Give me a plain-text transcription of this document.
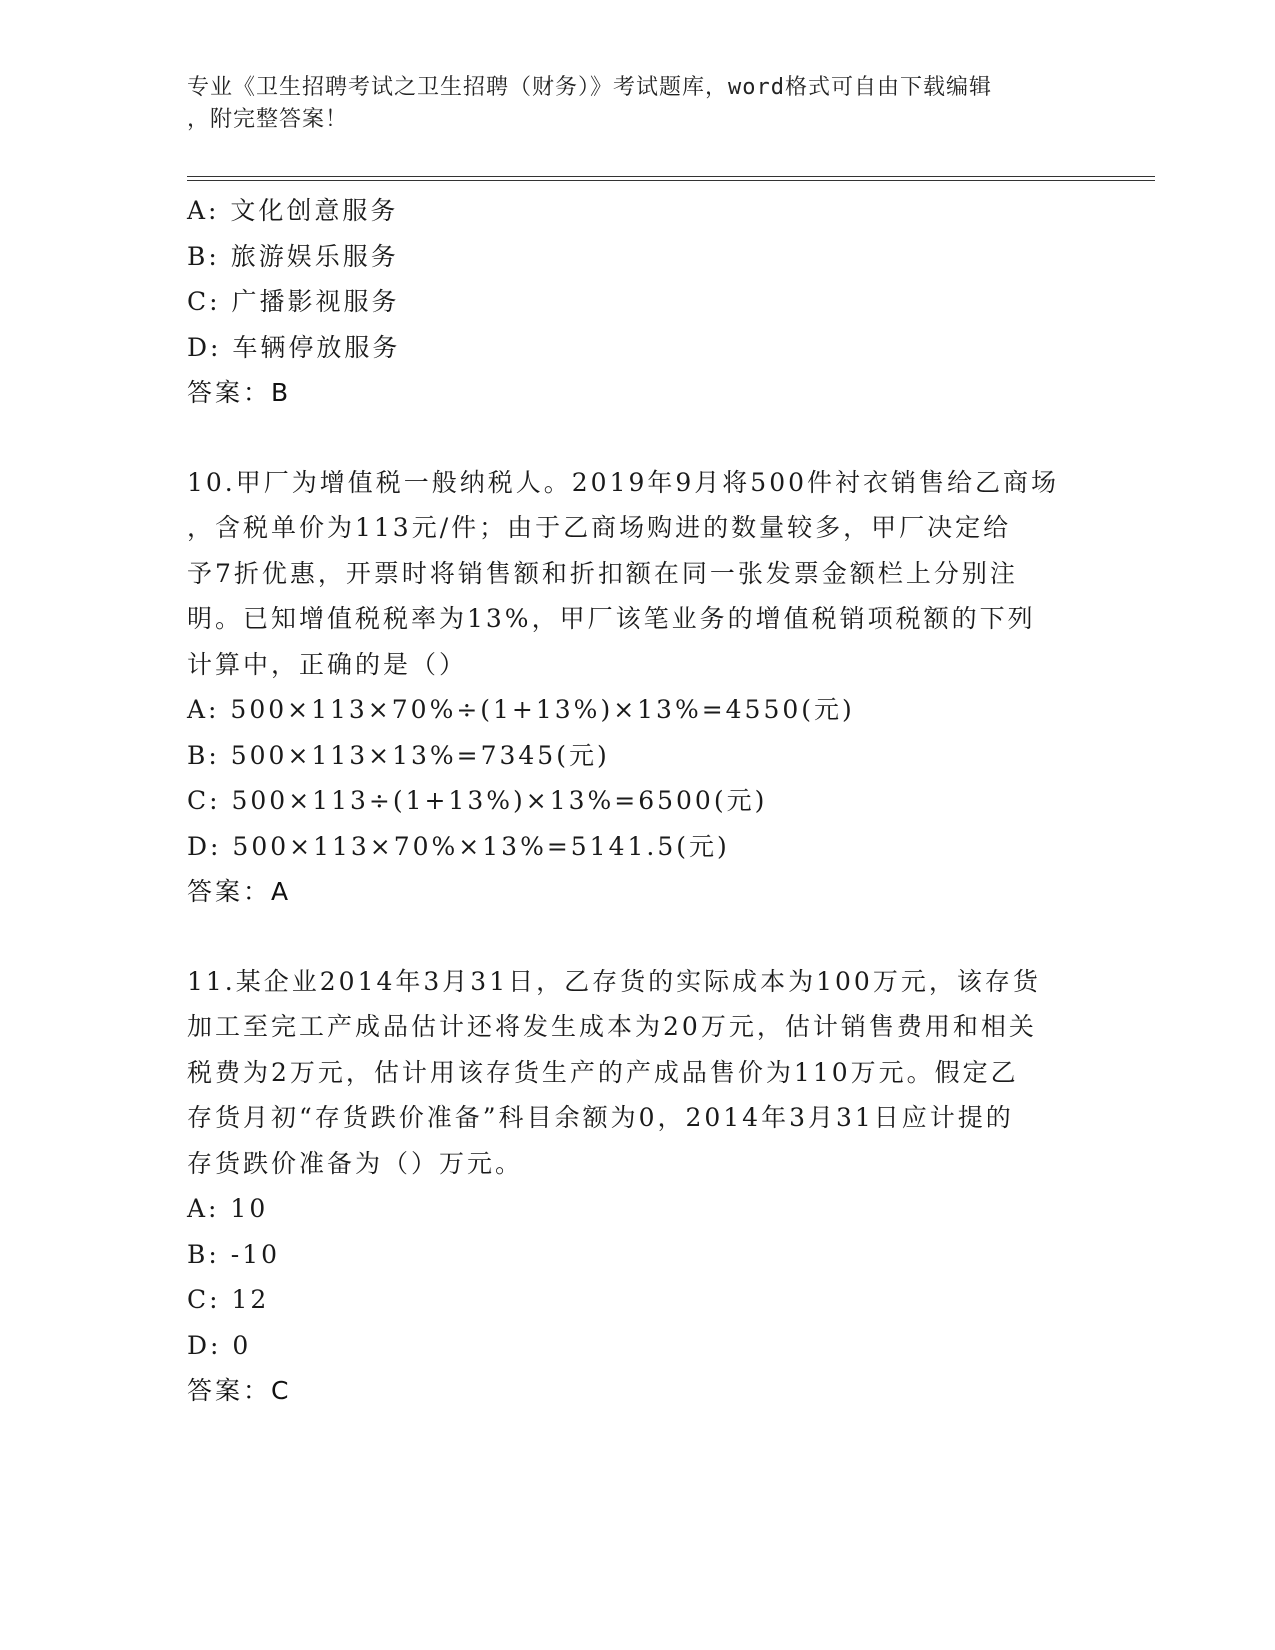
专业《卫生招聘考试之卫生招聘（财务）》考试题库，word格式可自由下载编辑
，附完整答案！
A: 文化创意服务
B: 旅游娱乐服务
C: 广播影视服务
D: 车辆停放服务
答案：B
10.甲厂为增值税一般纳税人。2019年9月将500件衬衣销售给乙商场
，含税单价为113元/件；由于乙商场购进的数量较多，甲厂决定给
予7折优惠，开票时将销售额和折扣额在同一张发票金额栏上分别注
明。已知增值税税率为13%，甲厂该笔业务的增值税销项税额的下列
计算中，正确的是（）
A: 500×113×70%÷(1+13%)×13%=4550(元)
B: 500×113×13%=7345(元)
C: 500×113÷(1+13%)×13%=6500(元)
D: 500×113×70%×13%=5141.5(元)
答案：A
11.某企业2014年3月31日，乙存货的实际成本为100万元，该存货
加工至完工产成品估计还将发生成本为20万元，估计销售费用和相关
税费为2万元，估计用该存货生产的产成品售价为110万元。假定乙
存货月初“存货跌价准备”科目余额为0，2014年3月31日应计提的
存货跌价准备为（）万元。
A: 10
B: -10
C: 12
D: 0
答案：C
